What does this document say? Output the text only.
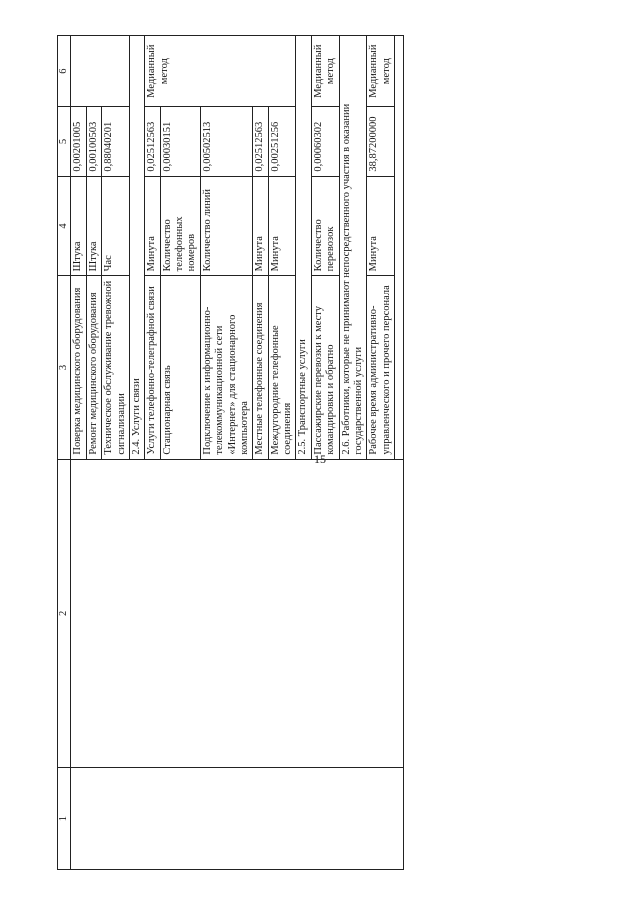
15
1	2	3	4	5	6
		Поверка медицинского оборудования	Штука	0,00201005	
		Ремонт медицинского оборудования	Штука	0,00100503	
		Техническое обслуживание тревожной сигнализации	Час	0,88040201	
		2.4. Услуги связи			
		Услуги телефонно-телеграфной связи	Минута	0,02512563	Медианный метод
		Стационарная связь	Количество телефонных номеров	0,00030151	
		Подключение к информационно-телекоммуникационной сети «Интернет» для стационарного компьютера	Количество линий	0,00502513	
		Местные телефонные соединения	Минута	0,02512563	
		Междугородние телефонные соединения	Минута	0,00251256	
		2.5. Транспортные услуги			
		Пассажирские перевозки к месту командировки и обратно	Количество перевозок	0,00060302	Медианный метод
		2.6. Работники, которые не принимают непосредственного участия в оказании государственной услуги			
		Рабочее время административно-управленческого и прочего персонала	Минута	38,87200000	Медианный метод
